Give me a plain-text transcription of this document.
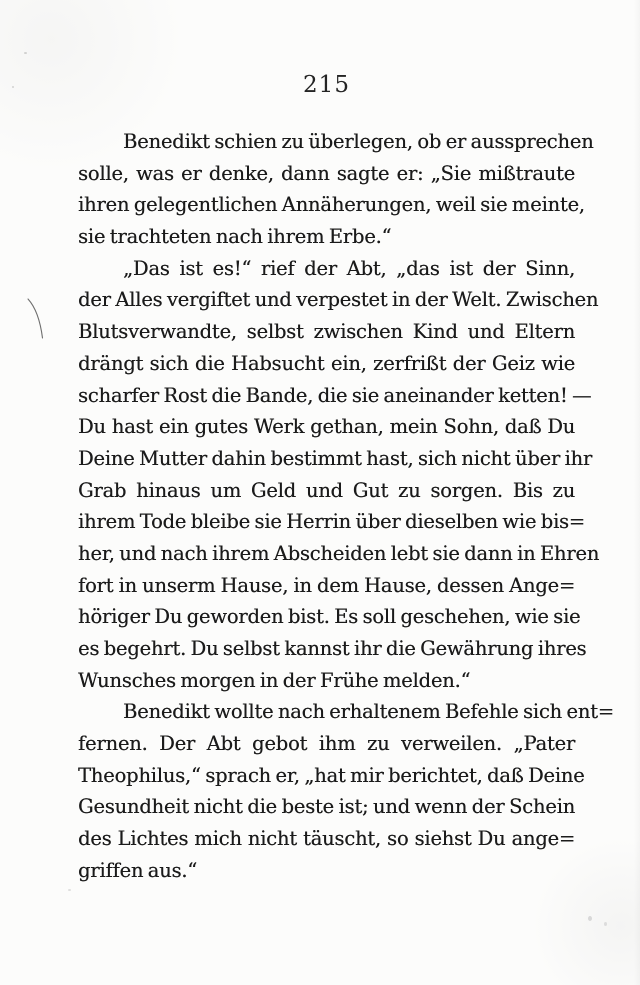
215
Benedikt schien zu überlegen, ob er aussprechen
solle, was er denke, dann sagte er: „Sie mißtraute
ihren gelegentlichen Annäherungen, weil sie meinte,
sie trachteten nach ihrem Erbe.“
„Das ist es!“ rief der Abt, „das ist der Sinn,
der Alles vergiftet und verpestet in der Welt. Zwischen
Blutsverwandte, selbst zwischen Kind und Eltern
drängt sich die Habsucht ein, zerfrißt der Geiz wie
scharfer Rost die Bande, die sie aneinander ketten! —
Du hast ein gutes Werk gethan, mein Sohn, daß Du
Deine Mutter dahin bestimmt hast, sich nicht über ihr
Grab hinaus um Geld und Gut zu sorgen. Bis zu
ihrem Tode bleibe sie Herrin über dieselben wie bis=
her, und nach ihrem Abscheiden lebt sie dann in Ehren
fort in unserm Hause, in dem Hause, dessen Ange=
höriger Du geworden bist. Es soll geschehen, wie sie
es begehrt. Du selbst kannst ihr die Gewährung ihres
Wunsches morgen in der Frühe melden.“
Benedikt wollte nach erhaltenem Befehle sich ent=
fernen. Der Abt gebot ihm zu verweilen. „Pater
Theophilus,“ sprach er, „hat mir berichtet, daß Deine
Gesundheit nicht die beste ist; und wenn der Schein
des Lichtes mich nicht täuscht, so siehst Du ange=
griffen aus.“
